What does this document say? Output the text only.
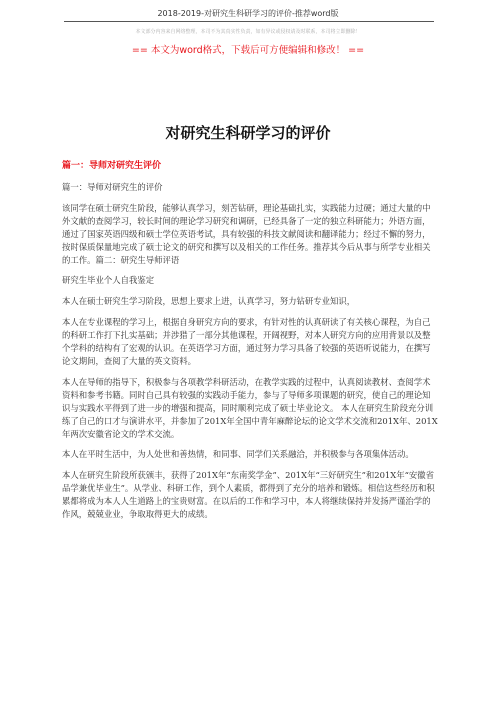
2018-2019-对研究生科研学习的评价-推荐word版
本文部分内容来自网络整理，本司不为其真实性负责，如有异议或侵权请及时联系，本司将立即删除！
== 本文为word格式，下载后可方便编辑和修改！ ==
对研究生科研学习的评价
篇一：导师对研究生评价

篇一：导师对研究生的评价

该同学在硕士研究生阶段，能够认真学习，刻苦钻研，理论基础扎实，实践能力过硬；通过大量的中外文献的查阅学习，较长时间的理论学习研究和调研，已经具备了一定的独立科研能力；外语方面，通过了国家英语四级和硕士学位英语考试，具有较强的科技文献阅读和翻译能力；经过不懈的努力，按时保质保量地完成了硕士论文的研究和撰写以及相关的工作任务。推荐其今后从事与所学专业相关的工作。篇二：研究生导师评语

研究生毕业个人自我鉴定

本人在硕士研究生学习阶段，思想上要求上进，认真学习，努力钻研专业知识，

本人在专业课程的学习上，根据自身研究方向的要求，有针对性的认真研读了有关核心课程，为自己的科研工作打下扎实基础；并涉猎了一部分其他课程，开阔视野，对本人研究方向的应用背景以及整个学科的结构有了宏观的认识。在英语学习方面，通过努力学习具备了较强的英语听说能力，在撰写论文期间，查阅了大量的英文资料。

本人在导师的指导下，积极参与各项教学科研活动，在教学实践的过程中，认真阅读教材、查阅学术资料和参考书籍。同时自己具有较强的实践动手能力，参与了导师多项课题的研究，使自己的理论知识与实践水平得到了进一步的增强和提高，同时顺利完成了硕士毕业论文。 本人在研究生阶段充分训练了自己的口才与演讲水平，并参加了201X年全国中青年麻醉论坛的论文学术交流和201X年、201X年两次安徽省论文的学术交流。

本人在平时生活中，为人处世和善热情，和同事、同学们关系融洽，并积极参与各项集体活动。

本人在研究生阶段所获颁丰，获得了201X年“东南奖学金”、201X年“三好研究生”和201X年“安徽省品学兼优毕业生”。从学业、科研工作，到个人素质，都得到了充分的培养和锻炼。相信这些经历和积累都将成为本人人生道路上的宝贵财富。在以后的工作和学习中，本人将继续保持并发扬严谨治学的作风，兢兢业业，争取取得更大的成绩。
